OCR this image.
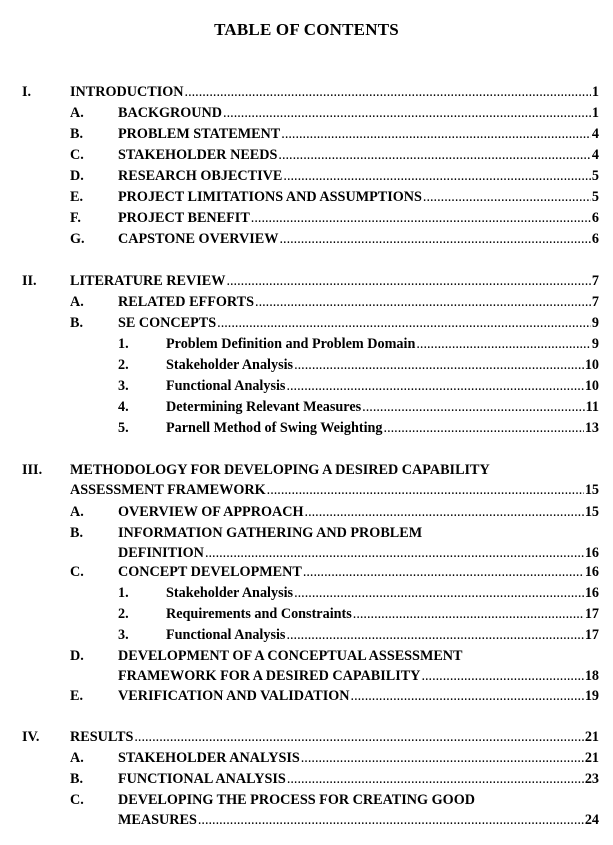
TABLE OF CONTENTS
I.	INTRODUCTION .....	1
A. BACKGROUND .....	1
B. PROBLEM STATEMENT .....	4
C. STAKEHOLDER NEEDS .....	4
D. RESEARCH OBJECTIVE .....	5
E. PROJECT LIMITATIONS AND ASSUMPTIONS .....	5
F.	PROJECT BENEFIT .....	6
G. CAPSTONE OVERVIEW .....	6
II. LITERATURE REVIEW .....	7
A. RELATED EFFORTS .....	7
B. SE CONCEPTS .....	9
1.	Problem Definition and Problem Domain .....	9
2.	Stakeholder Analysis .....	10
3.	Functional Analysis .....	10
4.	Determining Relevant Measures .....	11
5.	Parnell Method of Swing Weighting .....	13
III. METHODOLOGY FOR DEVELOPING A DESIRED CAPABILITY
ASSESSMENT FRAMEWORK .....	15
A. OVERVIEW OF APPROACH .....	15
B. INFORMATION GATHERING AND PROBLEM
DEFINITION .....	16
C. CONCEPT DEVELOPMENT .....	16
1.	Stakeholder Analysis .....	16
2.	Requirements and Constraints .....	17
3.	Functional Analysis .....	17
D. DEVELOPMENT OF A CONCEPTUAL ASSESSMENT
FRAMEWORK FOR A DESIRED CAPABILITY .....	18
E. VERIFICATION AND VALIDATION .....	19
IV. RESULTS .....	21
A. STAKEHOLDER ANALYSIS .....	21
B. FUNCTIONAL ANALYSIS .....	23
C. DEVELOPING THE PROCESS FOR CREATING GOOD
MEASURES .....	24
